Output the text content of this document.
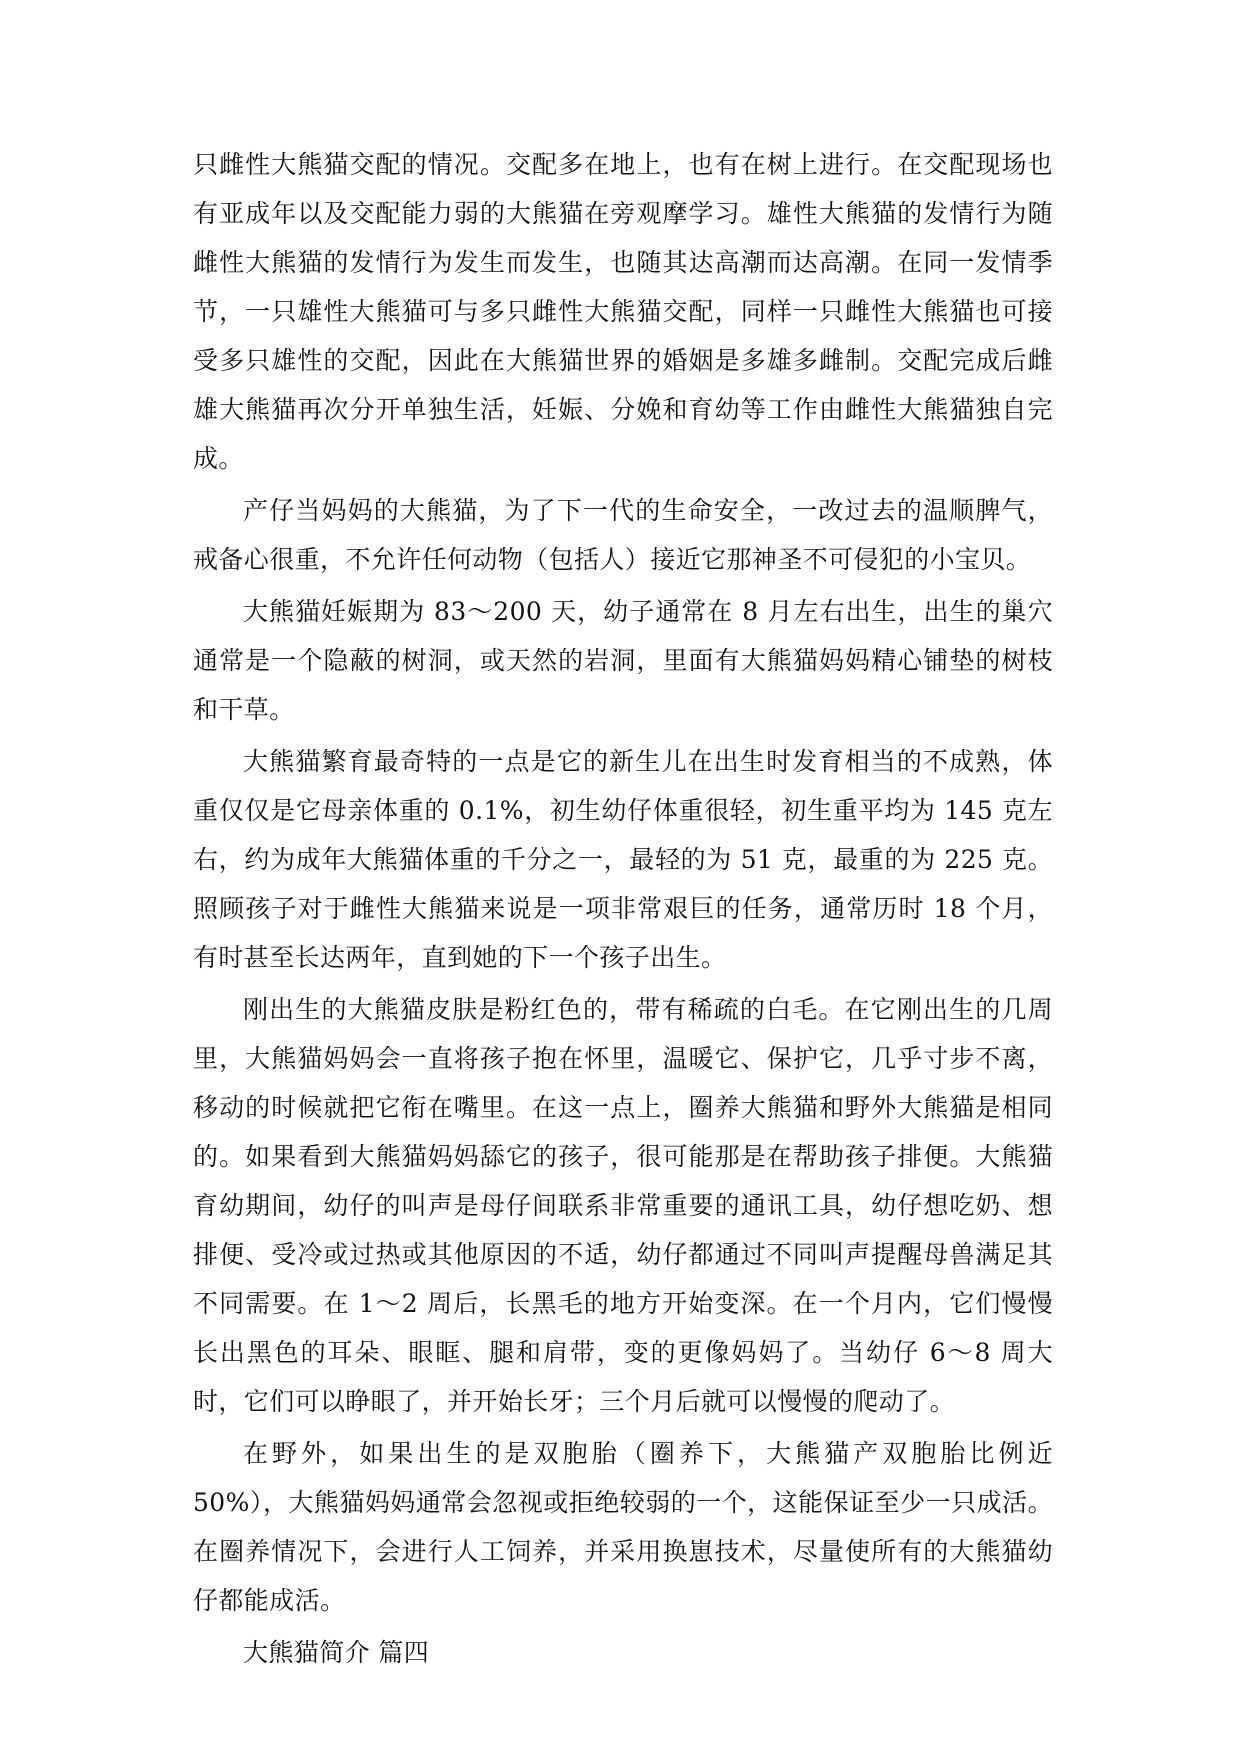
只雌性大熊猫交配的情况。交配多在地上，也有在树上进行。在交配现场也有亚成年以及交配能力弱的大熊猫在旁观摩学习。雄性大熊猫的发情行为随雌性大熊猫的发情行为发生而发生，也随其达高潮而达高潮。在同一发情季节，一只雄性大熊猫可与多只雌性大熊猫交配，同样一只雌性大熊猫也可接受多只雄性的交配，因此在大熊猫世界的婚姻是多雄多雌制。交配完成后雌雄大熊猫再次分开单独生活，妊娠、分娩和育幼等工作由雌性大熊猫独自完成。

产仔当妈妈的大熊猫，为了下一代的生命安全，一改过去的温顺脾气，戒备心很重，不允许任何动物（包括人）接近它那神圣不可侵犯的小宝贝。

大熊猫妊娠期为 83～200 天，幼子通常在 8 月左右出生，出生的巢穴通常是一个隐蔽的树洞，或天然的岩洞，里面有大熊猫妈妈精心铺垫的树枝和干草。

大熊猫繁育最奇特的一点是它的新生儿在出生时发育相当的不成熟，体重仅仅是它母亲体重的 0.1%，初生幼仔体重很轻，初生重平均为 145 克左右，约为成年大熊猫体重的千分之一，最轻的为 51 克，最重的为 225 克。照顾孩子对于雌性大熊猫来说是一项非常艰巨的任务，通常历时 18 个月，有时甚至长达两年，直到她的下一个孩子出生。

刚出生的大熊猫皮肤是粉红色的，带有稀疏的白毛。在它刚出生的几周里，大熊猫妈妈会一直将孩子抱在怀里，温暖它、保护它，几乎寸步不离，移动的时候就把它衔在嘴里。在这一点上，圈养大熊猫和野外大熊猫是相同的。如果看到大熊猫妈妈舔它的孩子，很可能那是在帮助孩子排便。大熊猫育幼期间，幼仔的叫声是母仔间联系非常重要的通讯工具，幼仔想吃奶、想排便、受冷或过热或其他原因的不适，幼仔都通过不同叫声提醒母兽满足其不同需要。在 1～2 周后，长黑毛的地方开始变深。在一个月内，它们慢慢长出黑色的耳朵、眼眶、腿和肩带，变的更像妈妈了。当幼仔 6～8 周大时，它们可以睁眼了，并开始长牙；三个月后就可以慢慢的爬动了。

在野外，如果出生的是双胞胎（圈养下，大熊猫产双胞胎比例近 50%），大熊猫妈妈通常会忽视或拒绝较弱的一个，这能保证至少一只成活。在圈养情况下，会进行人工饲养，并采用换崽技术，尽量使所有的大熊猫幼仔都能成活。

大熊猫简介 篇四
